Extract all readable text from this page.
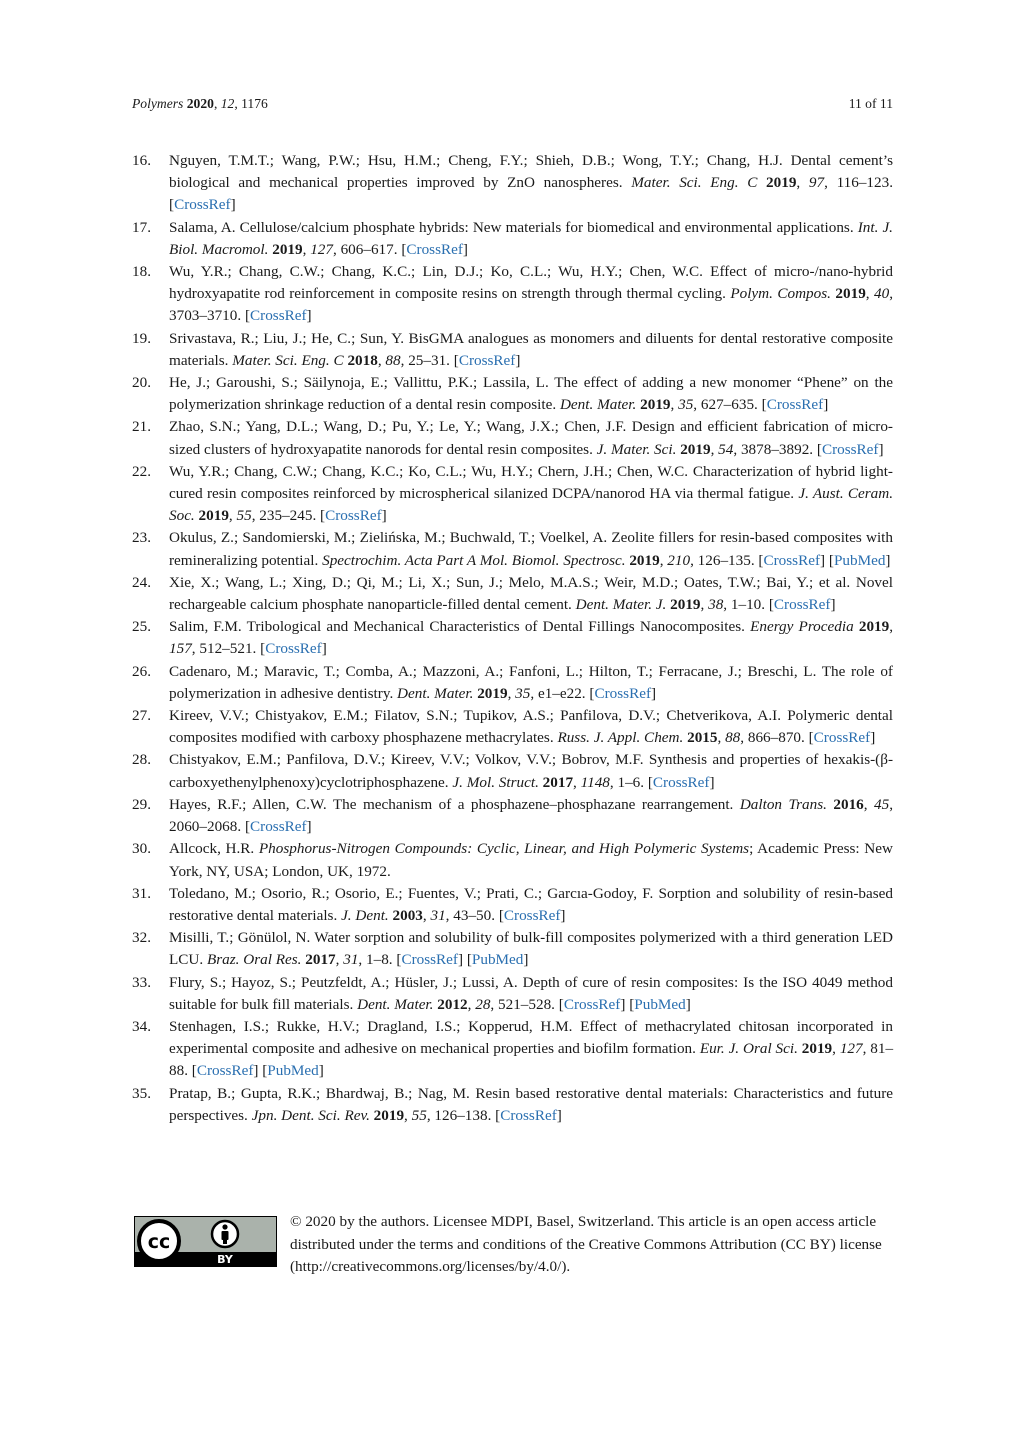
Polymers 2020, 12, 1176	11 of 11
16. Nguyen, T.M.T.; Wang, P.W.; Hsu, H.M.; Cheng, F.Y.; Shieh, D.B.; Wong, T.Y.; Chang, H.J. Dental cement’s biological and mechanical properties improved by ZnO nanospheres. Mater. Sci. Eng. C 2019, 97, 116–123. [CrossRef]
17. Salama, A. Cellulose/calcium phosphate hybrids: New materials for biomedical and environmental applications. Int. J. Biol. Macromol. 2019, 127, 606–617. [CrossRef]
18. Wu, Y.R.; Chang, C.W.; Chang, K.C.; Lin, D.J.; Ko, C.L.; Wu, H.Y.; Chen, W.C. Effect of micro-/nano-hybrid hydroxyapatite rod reinforcement in composite resins on strength through thermal cycling. Polym. Compos. 2019, 40, 3703–3710. [CrossRef]
19. Srivastava, R.; Liu, J.; He, C.; Sun, Y. BisGMA analogues as monomers and diluents for dental restorative composite materials. Mater. Sci. Eng. C 2018, 88, 25–31. [CrossRef]
20. He, J.; Garoushi, S.; Säilynoja, E.; Vallittu, P.K.; Lassila, L. The effect of adding a new monomer “Phene” on the polymerization shrinkage reduction of a dental resin composite. Dent. Mater. 2019, 35, 627–635. [CrossRef]
21. Zhao, S.N.; Yang, D.L.; Wang, D.; Pu, Y.; Le, Y.; Wang, J.X.; Chen, J.F. Design and efficient fabrication of micro-sized clusters of hydroxyapatite nanorods for dental resin composites. J. Mater. Sci. 2019, 54, 3878–3892. [CrossRef]
22. Wu, Y.R.; Chang, C.W.; Chang, K.C.; Ko, C.L.; Wu, H.Y.; Chern, J.H.; Chen, W.C. Characterization of hybrid light-cured resin composites reinforced by microspherical silanized DCPA/nanorod HA via thermal fatigue. J. Aust. Ceram. Soc. 2019, 55, 235–245. [CrossRef]
23. Okulus, Z.; Sandomierski, M.; Zielińska, M.; Buchwald, T.; Voelkel, A. Zeolite fillers for resin-based composites with remineralizing potential. Spectrochim. Acta Part A Mol. Biomol. Spectrosc. 2019, 210, 126–135. [CrossRef] [PubMed]
24. Xie, X.; Wang, L.; Xing, D.; Qi, M.; Li, X.; Sun, J.; Melo, M.A.S.; Weir, M.D.; Oates, T.W.; Bai, Y.; et al. Novel rechargeable calcium phosphate nanoparticle-filled dental cement. Dent. Mater. J. 2019, 38, 1–10. [CrossRef]
25. Salim, F.M. Tribological and Mechanical Characteristics of Dental Fillings Nanocomposites. Energy Procedia 2019, 157, 512–521. [CrossRef]
26. Cadenaro, M.; Maravic, T.; Comba, A.; Mazzoni, A.; Fanfoni, L.; Hilton, T.; Ferracane, J.; Breschi, L. The role of polymerization in adhesive dentistry. Dent. Mater. 2019, 35, e1–e22. [CrossRef]
27. Kireev, V.V.; Chistyakov, E.M.; Filatov, S.N.; Tupikov, A.S.; Panfilova, D.V.; Chetverikova, A.I. Polymeric dental composites modified with carboxy phosphazene methacrylates. Russ. J. Appl. Chem. 2015, 88, 866–870. [CrossRef]
28. Chistyakov, E.M.; Panfilova, D.V.; Kireev, V.V.; Volkov, V.V.; Bobrov, M.F. Synthesis and properties of hexakis-(β-carboxyethenylphenoxy)cyclotriphosphazene. J. Mol. Struct. 2017, 1148, 1–6. [CrossRef]
29. Hayes, R.F.; Allen, C.W. The mechanism of a phosphazene–phosphazane rearrangement. Dalton Trans. 2016, 45, 2060–2068. [CrossRef]
30. Allcock, H.R. Phosphorus-Nitrogen Compounds: Cyclic, Linear, and High Polymeric Systems; Academic Press: New York, NY, USA; London, UK, 1972.
31. Toledano, M.; Osorio, R.; Osorio, E.; Fuentes, V.; Prati, C.; Garcıa-Godoy, F. Sorption and solubility of resin-based restorative dental materials. J. Dent. 2003, 31, 43–50. [CrossRef]
32. Misilli, T.; Gönülol, N. Water sorption and solubility of bulk-fill composites polymerized with a third generation LED LCU. Braz. Oral Res. 2017, 31, 1–8. [CrossRef] [PubMed]
33. Flury, S.; Hayoz, S.; Peutzfeldt, A.; Hüsler, J.; Lussi, A. Depth of cure of resin composites: Is the ISO 4049 method suitable for bulk fill materials. Dent. Mater. 2012, 28, 521–528. [CrossRef] [PubMed]
34. Stenhagen, I.S.; Rukke, H.V.; Dragland, I.S.; Kopperud, H.M. Effect of methacrylated chitosan incorporated in experimental composite and adhesive on mechanical properties and biofilm formation. Eur. J. Oral Sci. 2019, 127, 81–88. [CrossRef] [PubMed]
35. Pratap, B.; Gupta, R.K.; Bhardwaj, B.; Nag, M. Resin based restorative dental materials: Characteristics and future perspectives. Jpn. Dent. Sci. Rev. 2019, 55, 126–138. [CrossRef]
cc
BY
© 2020 by the authors. Licensee MDPI, Basel, Switzerland. This article is an open access article distributed under the terms and conditions of the Creative Commons Attribution (CC BY) license (http://creativecommons.org/licenses/by/4.0/).
